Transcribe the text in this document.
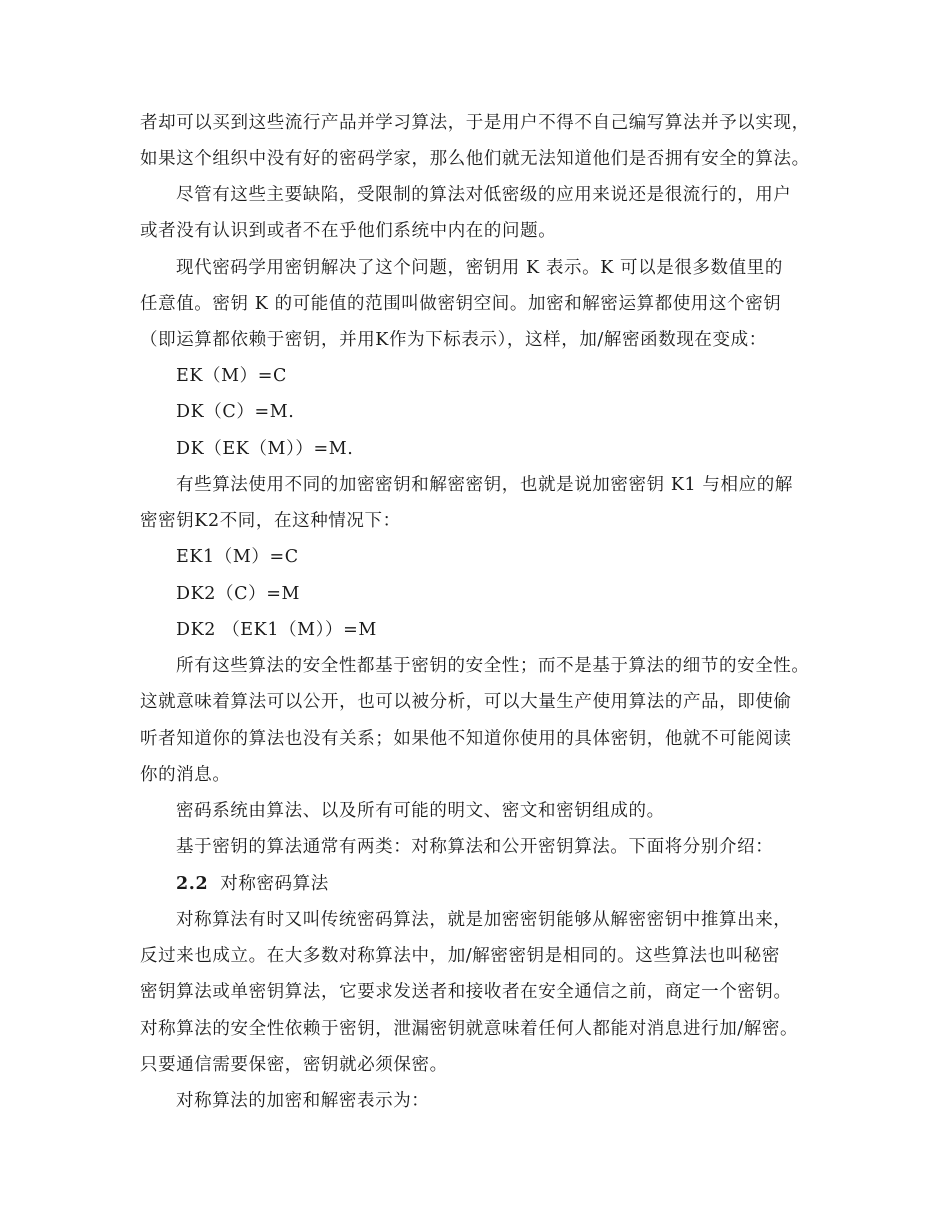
者却可以买到这些流行产品并学习算法，于是用户不得不自己编写算法并予以实现，
如果这个组织中没有好的密码学家，那么他们就无法知道他们是否拥有安全的算法。
尽管有这些主要缺陷，受限制的算法对低密级的应用来说还是很流行的，用户
或者没有认识到或者不在乎他们系统中内在的问题。
现代密码学用密钥解决了这个问题，密钥用 K 表示。K 可以是很多数值里的
任意值。密钥 K 的可能值的范围叫做密钥空间。加密和解密运算都使用这个密钥
（即运算都依赖于密钥，并用K作为下标表示），这样，加/解密函数现在变成：
EK（M）=C
DK（C）=M.
DK（EK（M））=M.
有些算法使用不同的加密密钥和解密密钥，也就是说加密密钥 K1 与相应的解
密密钥K2不同，在这种情况下：
EK1（M）=C
DK2（C）=M
DK2 （EK1（M））=M
所有这些算法的安全性都基于密钥的安全性；而不是基于算法的细节的安全性。
这就意味着算法可以公开，也可以被分析，可以大量生产使用算法的产品，即使偷
听者知道你的算法也没有关系；如果他不知道你使用的具体密钥，他就不可能阅读
你的消息。
密码系统由算法、以及所有可能的明文、密文和密钥组成的。
基于密钥的算法通常有两类：对称算法和公开密钥算法。下面将分别介绍：
2.2 对称密码算法
对称算法有时又叫传统密码算法，就是加密密钥能够从解密密钥中推算出来，
反过来也成立。在大多数对称算法中，加/解密密钥是相同的。这些算法也叫秘密
密钥算法或单密钥算法，它要求发送者和接收者在安全通信之前，商定一个密钥。
对称算法的安全性依赖于密钥，泄漏密钥就意味着任何人都能对消息进行加/解密。
只要通信需要保密，密钥就必须保密。
对称算法的加密和解密表示为：
